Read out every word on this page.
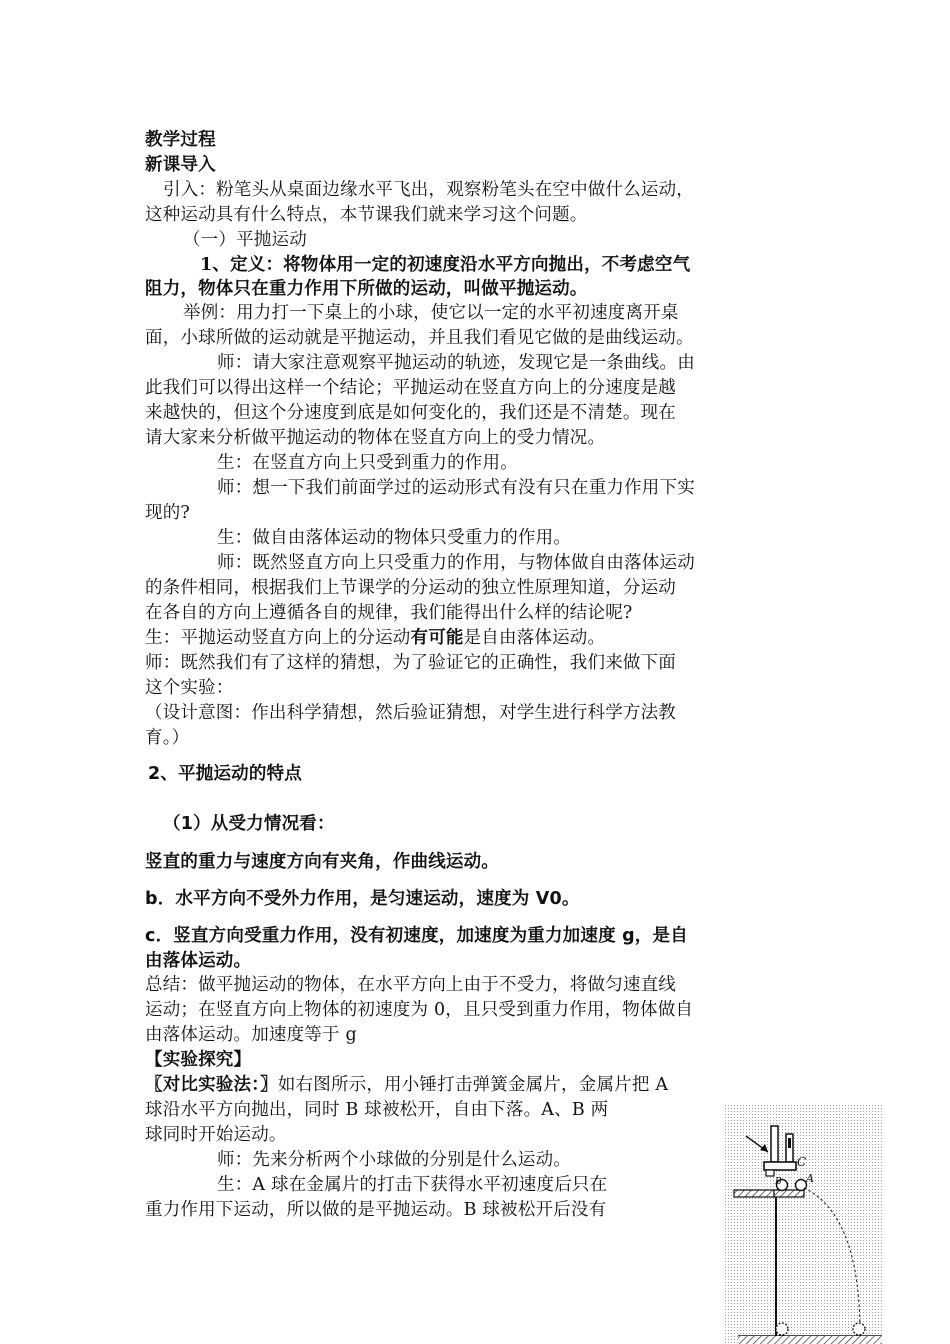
教学过程
新课导入
引入：粉笔头从桌面边缘水平飞出，观察粉笔头在空中做什么运动，
这种运动具有什么特点，本节课我们就来学习这个问题。
（一）平抛运动
1、定义：将物体用一定的初速度沿水平方向抛出，不考虑空气
阻力，物体只在重力作用下所做的运动，叫做平抛运动。
举例：用力打一下桌上的小球，使它以一定的水平初速度离开桌
面，小球所做的运动就是平抛运动，并且我们看见它做的是曲线运动。
师：请大家注意观察平抛运动的轨迹，发现它是一条曲线。由
此我们可以得出这样一个结论；平抛运动在竖直方向上的分速度是越
来越快的，但这个分速度到底是如何变化的，我们还是不清楚。现在
请大家来分析做平抛运动的物体在竖直方向上的受力情况。
生：在竖直方向上只受到重力的作用。
师：想一下我们前面学过的运动形式有没有只在重力作用下实
现的?
生：做自由落体运动的物体只受重力的作用。
师：既然竖直方向上只受重力的作用，与物体做自由落体运动
的条件相同，根据我们上节课学的分运动的独立性原理知道，分运动
在各自的方向上遵循各自的规律，我们能得出什么样的结论呢?
生：平抛运动竖直方向上的分运动有可能是自由落体运动。
师：既然我们有了这样的猜想，为了验证它的正确性，我们来做下面
这个实验：
（设计意图：作出科学猜想，然后验证猜想，对学生进行科学方法教
育。）
2、平抛运动的特点
（1）从受力情况看：
竖直的重力与速度方向有夹角，作曲线运动。
b．水平方向不受外力作用，是匀速运动，速度为 V0。
c．竖直方向受重力作用，没有初速度，加速度为重力加速度 g，是自
由落体运动。
总结：做平抛运动的物体，在水平方向上由于不受力，将做匀速直线
运动；在竖直方向上物体的初速度为 0，且只受到重力作用，物体做自
由落体运动。加速度等于 g
【实验探究】
〖对比实验法：〗如右图所示，用小锤打击弹簧金属片，金属片把 A
球沿水平方向抛出，同时 B 球被松开，自由下落。A、B 两
球同时开始运动。
师：先来分析两个小球做的分别是什么运动。
生：A 球在金属片的打击下获得水平初速度后只在
重力作用下运动，所以做的是平抛运动。B 球被松开后没有
C
A
B
